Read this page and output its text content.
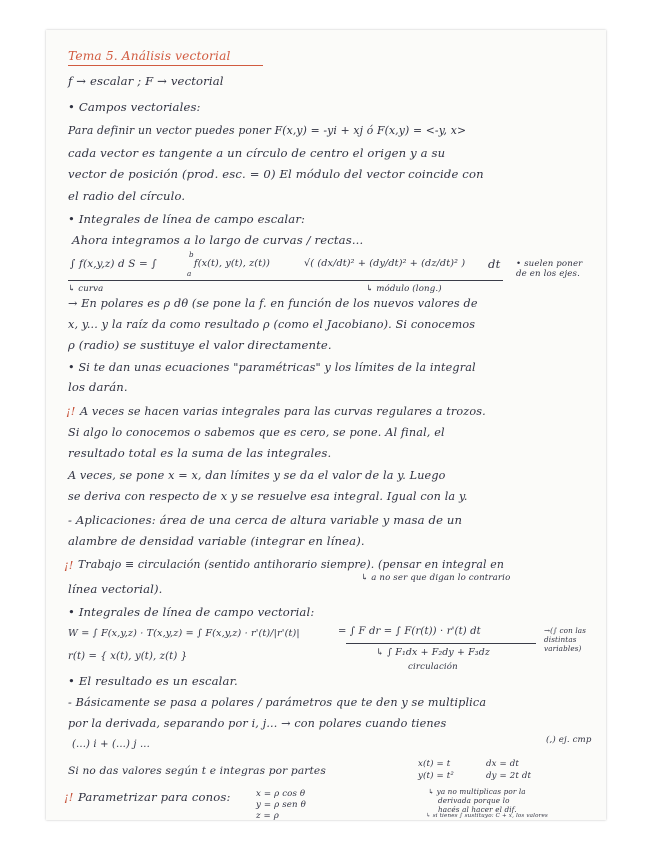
Tema 5. Análisis vectorial
f → escalar ; F → vectorial
• Campos vectoriales:
Para definir un vector puedes poner F(x,y) = -yi + xj ó F(x,y) = <-y, x>
cada vector es tangente a un círculo de centro el origen y a su
vector de posición (prod. esc. = 0) El módulo del vector coincide con
el radio del círculo.
• Integrales de línea de campo escalar:
Ahora integramos a lo largo de curvas / rectas...
∫ f(x,y,z) d S = ∫
a
b
f(x(t), y(t), z(t))	√( (dx/dt)² + (dy/dt)² + (dz/dt)² ) dt
↳ curva	↳ módulo (long.)
• suelen poner de en los ejes.
→ En polares es ρ dθ (se pone la f. en función de los nuevos valores de
x, y... y la raíz da como resultado ρ (como el Jacobiano). Si conocemos
ρ (radio) se sustituye el valor directamente.
• Si te dan unas ecuaciones "paramétricas" y los límites de la integral
los darán.
¡! A veces se hacen varias integrales para las curvas regulares a trozos.
Si algo lo conocemos o sabemos que es cero, se pone. Al final, el
resultado total es la suma de las integrales.
A veces, se pone x = x, dan límites y se da el valor de la y. Luego
se deriva con respecto de x y se resuelve esa integral. Igual con la y.
- Aplicaciones: área de una cerca de altura variable y masa de un
alambre de densidad variable (integrar en línea).
¡! Trabajo ≡ circulación (sentido antihorario siempre). (pensar en integral en
↳ a no ser que digan lo contrario
línea vectorial).
• Integrales de línea de campo vectorial:
W = ∫ F(x,y,z) · T(x,y,z) = ∫ F(x,y,z) · r'(t)/|r'(t)|	= ∫ F dr = ∫ F(r(t)) · r'(t) dt	→(∫ con las distintas variables)
r(t) = { x(t), y(t), z(t) }	↳ ∫ F₁dx + F₂dy + F₃dz
circulación
• El resultado es un escalar.
- Básicamente se pasa a polares / parámetros que te den y se multiplica
por la derivada, separando por i, j... → con polares cuando tienes
(...) i + (...) j ...	(,) ej. cmp
Si no das valores según t e integras por partes
x(t) = t
y(t) = t²
dx = dt
dy = 2t dt
¡! Parametrizar para conos:	x = ρ cos θ
y = ρ sen θ
z = ρ
↳ ya no multiplicas por la
derivada porque lo
hacés al hacer el dif.
↳ si tienes ∫ sustituyo: C + x, los valores
